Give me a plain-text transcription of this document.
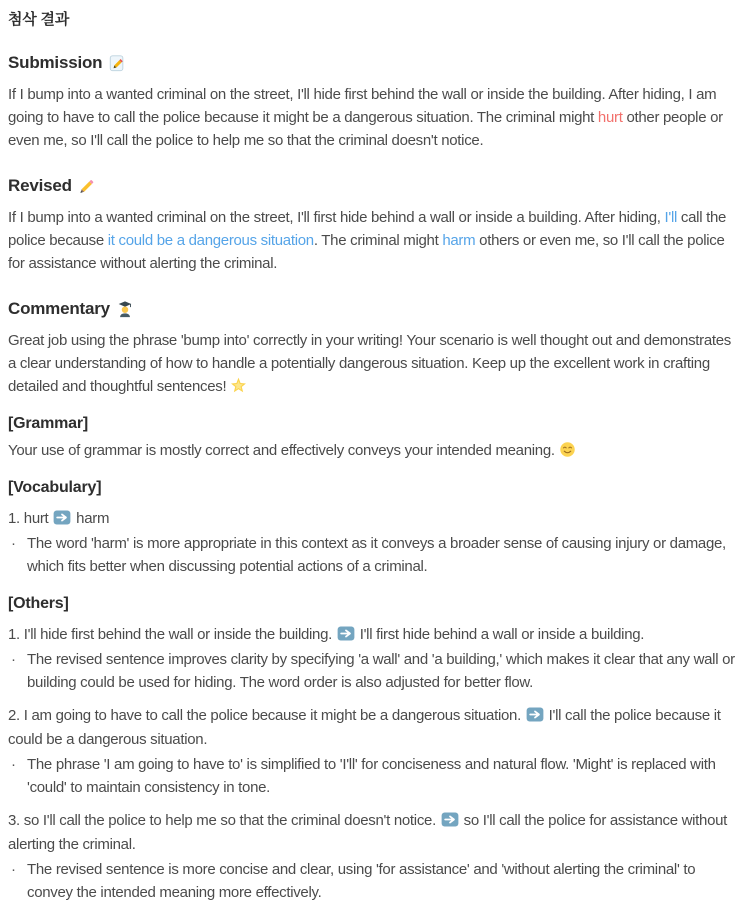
첨삭 결과
Submission

If I bump into a wanted criminal on the street, I'll hide first behind the wall or inside the building. After hiding, I am going to have to call the police because it might be a dangerous situation. The criminal might hurt other people or even me, so I'll call the police to help me so that the criminal doesn't notice.

Revised

If I bump into a wanted criminal on the street, I'll first hide behind a wall or inside a building. After hiding, I'll call the police because it could be a dangerous situation. The criminal might harm others or even me, so I'll call the police for assistance without alerting the criminal.

Commentary

Great job using the phrase 'bump into' correctly in your writing! Your scenario is well thought out and demonstrates a clear understanding of how to handle a potentially dangerous situation. Keep up the excellent work in crafting detailed and thoughtful sentences!

[Grammar]

Your use of grammar is mostly correct and effectively conveys your intended meaning.

[Vocabulary]

1. hurt
harm

· The word 'harm' is more appropriate in this context as it conveys a broader sense of causing injury or damage, which fits better when discussing potential actions of a criminal.
[Others]

1. I'll hide first behind the wall or inside the building.
I'll first hide behind a wall or inside a building.

· The revised sentence improves clarity by specifying 'a wall' and 'a building,' which makes it clear that any wall or building could be used for hiding. The word order is also adjusted for better flow.

2. I am going to have to call the police because it might be a dangerous situation.
I'll call the police because it could be a dangerous situation.

· The phrase 'I am going to have to' is simplified to 'I'll' for conciseness and natural flow. 'Might' is replaced with 'could' to maintain consistency in tone.

3. so I'll call the police to help me so that the criminal doesn't notice.
so I'll call the police for assistance without alerting the criminal.

· The revised sentence is more concise and clear, using 'for assistance' and 'without alerting the criminal' to convey the intended meaning more effectively.
